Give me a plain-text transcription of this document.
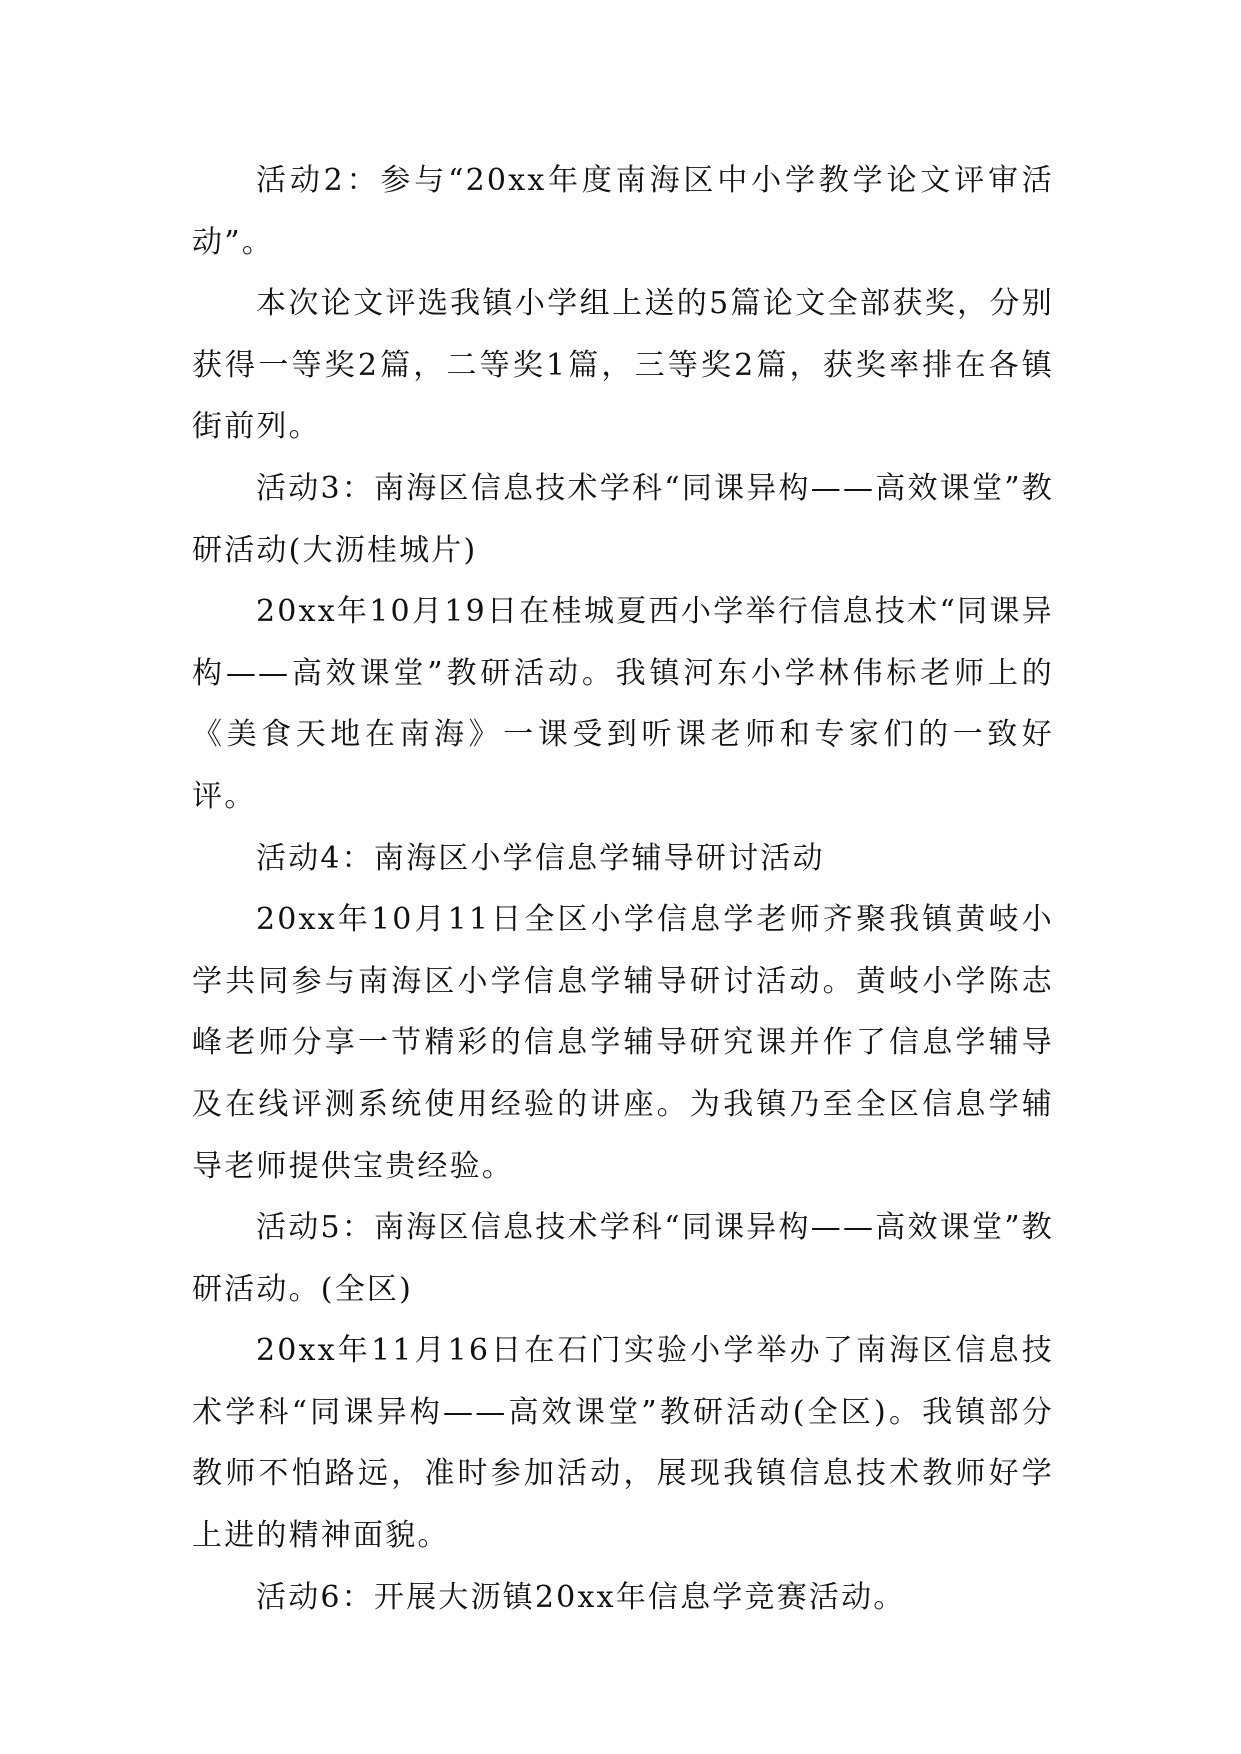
活动2：参与“20xx年度南海区中小学教学论文评审活动”。

本次论文评选我镇小学组上送的5篇论文全部获奖，分别获得一等奖2篇，二等奖1篇，三等奖2篇，获奖率排在各镇街前列。

活动3：南海区信息技术学科“同课异构——高效课堂”教研活动(大沥桂城片)

20xx年10月19日在桂城夏西小学举行信息技术“同课异构——高效课堂”教研活动。我镇河东小学林伟标老师上的《美食天地在南海》一课受到听课老师和专家们的一致好评。

活动4：南海区小学信息学辅导研讨活动

20xx年10月11日全区小学信息学老师齐聚我镇黄岐小学共同参与南海区小学信息学辅导研讨活动。黄岐小学陈志峰老师分享一节精彩的信息学辅导研究课并作了信息学辅导及在线评测系统使用经验的讲座。为我镇乃至全区信息学辅导老师提供宝贵经验。

活动5：南海区信息技术学科“同课异构——高效课堂”教研活动。(全区)

20xx年11月16日在石门实验小学举办了南海区信息技术学科“同课异构——高效课堂”教研活动(全区)。我镇部分教师不怕路远，准时参加活动，展现我镇信息技术教师好学上进的精神面貌。

活动6：开展大沥镇20xx年信息学竞赛活动。
